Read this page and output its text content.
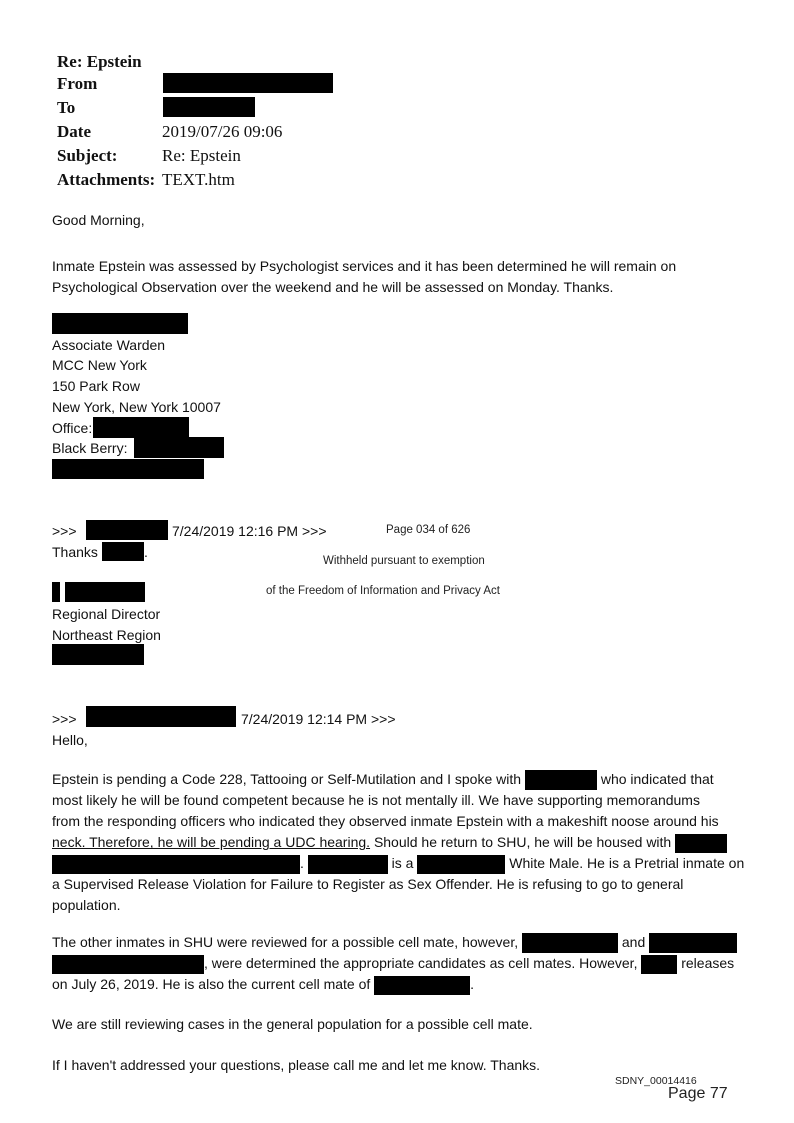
Re: Epstein
From
To
Date	2019/07/26 09:06
Subject:	Re: Epstein
Attachments: TEXT.htm
Good Morning,
Inmate Epstein was assessed by Psychologist services and it has been determined he will remain on
Psychological Observation over the weekend and he will be assessed on Monday. Thanks.
Associate Warden
MCC New York
150 Park Row
New York, New York 10007
Office:
Black Berry:
>>>	7/24/2019 12:16 PM >>>	Page 034 of 626
Thanks	.
Withheld pursuant to exemption
of the Freedom of Information and Privacy Act
Regional Director
Northeast Region
>>>	7/24/2019 12:14 PM >>>
Hello,
Epstein is pending a Code 228, Tattooing or Self-Mutilation and I spoke with	who indicated that
most likely he will be found competent because he is not mentally ill. We have supporting memorandums
from the responding officers who indicated they observed inmate Epstein with a makeshift noose around his
neck. Therefore, he will be pending a UDC hearing. Should he return to SHU, he will be housed with
.	is a	White Male. He is a Pretrial inmate on
a Supervised Release Violation for Failure to Register as Sex Offender. He is refusing to go to general
population.
The other inmates in SHU were reviewed for a possible cell mate, however,	and
, were determined the appropriate candidates as cell mates. However,	releases
on July 26, 2019. He is also the current cell mate of	.
We are still reviewing cases in the general population for a possible cell mate.
If I haven't addressed your questions, please call me and let me know. Thanks.
SDNY_00014416
Page 77
